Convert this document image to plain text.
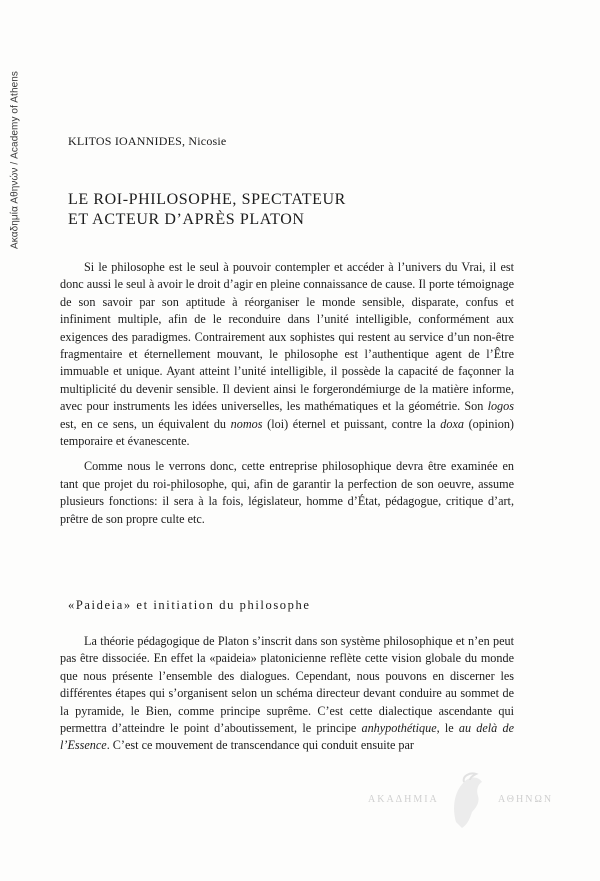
Ακαδημία Αθηνών / Academy of Athens	KLITOS IOANNIDES, Nicosie
LE ROI-PHILOSOPHE, SPECTATEUR
ET ACTEUR D’APRÈS PLATON

Si le philosophe est le seul à pouvoir contempler et accéder à l’univers du Vrai, il est donc aussi le seul à avoir le droit d’agir en pleine connaissance de cause. Il porte témoignage de son savoir par son aptitude à réorganiser le monde sensible, disparate, confus et infiniment multiple, afin de le reconduire dans l’unité intelligible, conformément aux exigences des paradigmes. Contrairement aux sophistes qui restent au service d’un non-être fragmentaire et éternellement mouvant, le philosophe est l’authentique agent de l’Être immuable et unique. Ayant atteint l’unité intelligible, il possède la capacité de façonner la multiplicité du devenir sensible. Il devient ainsi le forgerondémiurge de la matière informe, avec pour instruments les idées universelles, les mathématiques et la géométrie. Son logos est, en ce sens, un équivalent du nomos (loi) éternel et puissant, contre la doxa (opinion) temporaire et évanescente.

Comme nous le verrons donc, cette entreprise philosophique devra être examinée en tant que projet du roi-philosophe, qui, afin de garantir la perfection de son oeuvre, assume plusieurs fonctions: il sera à la fois, législateur, homme d’État, pédagogue, critique d’art, prêtre de son propre culte etc.

«Paideia» et initiation du philosophe

La théorie pédagogique de Platon s’inscrit dans son système philosophique et n’en peut pas être dissociée. En effet la «paideia» platonicienne reflète cette vision globale du monde que nous présente l’ensemble des dialogues. Cependant, nous pouvons en discerner les différentes étapes qui s’organisent selon un schéma directeur devant conduire au sommet de la pyramide, le Bien, comme principe suprême. C’est cette dialectique ascendante qui permettra d’atteindre le point d’aboutissement, le principe anhypothétique, le au delà de l’Essence. C’est ce mouvement de transcendance qui conduit ensuite par

ΑΚΑΔΗΜΙΑ	ΑΘΗΝΩΝ
